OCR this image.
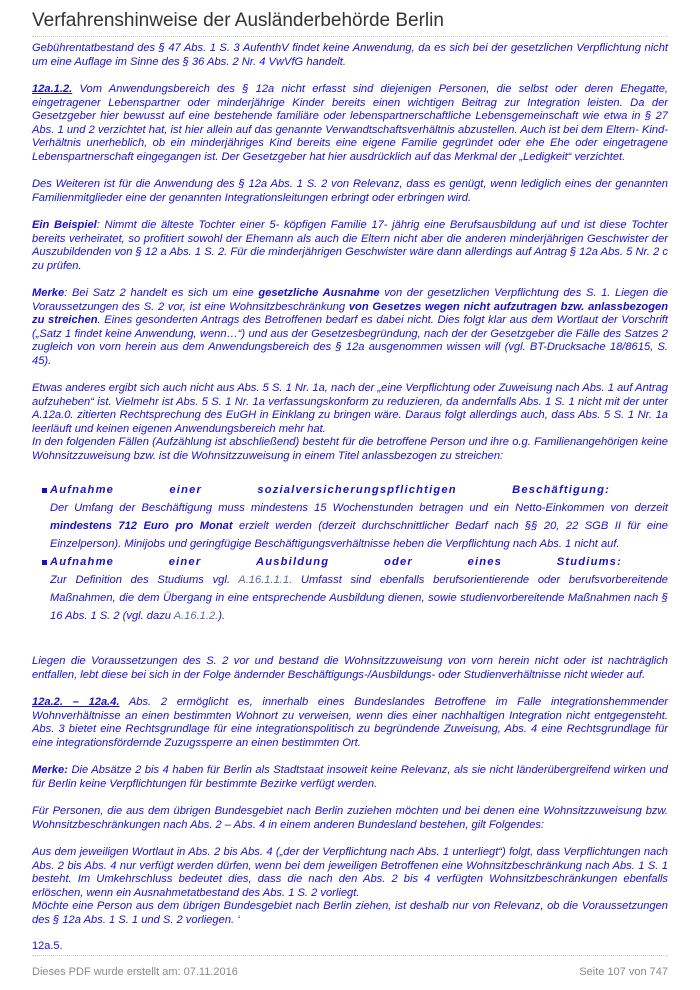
Verfahrenshinweise der Ausländerbehörde Berlin

Gebührentatbestand des § 47 Abs. 1 S. 3 AufenthV findet keine Anwendung, da es sich bei der gesetzlichen Verpflichtung nicht um eine Auflage im Sinne des § 36 Abs. 2 Nr. 4 VwVfG handelt.

12a.1.2. Vom Anwendungsbereich des § 12a nicht erfasst sind diejenigen Personen, die selbst oder deren Ehegatte, eingetragener Lebenspartner oder minderjährige Kinder bereits einen wichtigen Beitrag zur Integration leisten. Da der Gesetzgeber hier bewusst auf eine bestehende familiäre oder lebenspartnerschaftliche Lebensgemeinschaft wie etwa in § 27 Abs. 1 und 2 verzichtet hat, ist hier allein auf das genannte Verwandtschaftsverhältnis abzustellen. Auch ist bei dem Eltern- Kind- Verhältnis unerheblich, ob ein minderjähriges Kind bereits eine eigene Familie gegründet oder ehe Ehe oder eingetragene Lebenspartnerschaft eingegangen ist. Der Gesetzgeber hat hier ausdrücklich auf das Merkmal der „Ledigkeit“ verzichtet.

Des Weiteren ist für die Anwendung des § 12a Abs. 1 S. 2 von Relevanz, dass es genügt, wenn lediglich eines der genannten Familienmitglieder eine der genannten Integrationsleitungen erbringt oder erbringen wird.

Ein Beispiel: Nimmt die älteste Tochter einer 5- köpfigen Familie 17- jährig eine Berufsausbildung auf und ist diese Tochter bereits verheiratet, so profitiert sowohl der Ehemann als auch die Eltern nicht aber die anderen minderjährigen Geschwister der Auszubildenden von § 12 a Abs. 1 S. 2. Für die minderjährigen Geschwister wäre dann allerdings auf Antrag § 12a Abs. 5 Nr. 2 c zu prüfen.

Merke: Bei Satz 2 handelt es sich um eine gesetzliche Ausnahme von der gesetzlichen Verpflichtung des S. 1. Liegen die Voraussetzungen des S. 2 vor, ist eine Wohnsitzbeschränkung von Gesetzes wegen nicht aufzutragen bzw. anlassbezogen zu streichen. Eines gesonderten Antrags des Betroffenen bedarf es dabei nicht. Dies folgt klar aus dem Wortlaut der Vorschrift („Satz 1 findet keine Anwendung, wenn…“) und aus der Gesetzesbegründung, nach der der Gesetzgeber die Fälle des Satzes 2 zugleich von vorn herein aus dem Anwendungsbereich des § 12a ausgenommen wissen will (vgl. BT-Drucksache 18/8615, S. 45).

Etwas anderes ergibt sich auch nicht aus Abs. 5 S. 1 Nr. 1a, nach der „eine Verpflichtung oder Zuweisung nach Abs. 1 auf Antrag aufzuheben“ ist. Vielmehr ist Abs. 5 S. 1 Nr. 1a verfassungskonform zu reduzieren, da andernfalls Abs. 1 S. 1 nicht mit der unter A.12a.0. zitierten Rechtsprechung des EuGH in Einklang zu bringen wäre. Daraus folgt allerdings auch, dass Abs. 5 S. 1 Nr. 1a leerläuft und keinen eigenen Anwendungsbereich mehr hat.

In den folgenden Fällen (Aufzählung ist abschließend) besteht für die betroffene Person und ihre o.g. Familienangehörigen keine Wohnsitzzuweisung bzw. ist die Wohnsitzzuweisung in einem Titel anlassbezogen zu streichen:

Aufnahme	einer	sozialversicherungspflichtigen	Beschäftigung:
Der Umfang der Beschäftigung muss mindestens 15 Wochenstunden betragen und ein Netto-Einkommen von derzeit mindestens 712 Euro pro Monat erzielt werden (derzeit durchschnittlicher Bedarf nach §§ 20, 22 SGB II für eine Einzelperson). Minijobs und geringfügige Beschäftigungsverhältnisse heben die Verpflichtung nach Abs. 1 nicht auf.
Aufnahme	einer	Ausbildung	oder	eines	Studiums:
Zur Definition des Studiums vgl. A.16.1.1.1. Umfasst sind ebenfalls berufsorientierende oder berufsvorbereitende Maßnahmen, die dem Übergang in eine entsprechende Ausbildung dienen, sowie studienvorbereitende Maßnahmen nach § 16 Abs. 1 S. 2 (vgl. dazu A.16.1.2.).

Liegen die Voraussetzungen des S. 2 vor und bestand die Wohnsitzzuweisung von vorn herein nicht oder ist nachträglich entfallen, lebt diese bei sich in der Folge ändernder Beschäftigungs-/Ausbildungs- oder Studienverhältnisse nicht wieder auf.

12a.2. – 12a.4. Abs. 2 ermöglicht es, innerhalb eines Bundeslandes Betroffene im Falle integrationshemmender Wohnverhältnisse an einen bestimmten Wohnort zu verweisen, wenn dies einer nachhaltigen Integration nicht entgegensteht. Abs. 3 bietet eine Rechtsgrundlage für eine integrationspolitisch zu begründende Zuweisung, Abs. 4 eine Rechtsgrundlage für eine integrationsfördernde Zuzugssperre an einen bestimmten Ort.

Merke: Die Absätze 2 bis 4 haben für Berlin als Stadtstaat insoweit keine Relevanz, als sie nicht länderübergreifend wirken und für Berlin keine Verpflichtungen für bestimmte Bezirke verfügt werden.

Für Personen, die aus dem übrigen Bundesgebiet nach Berlin zuziehen möchten und bei denen eine Wohnsitzzuweisung bzw. Wohnsitzbeschränkungen nach Abs. 2 – Abs. 4 in einem anderen Bundesland bestehen, gilt Folgendes:

Aus dem jeweiligen Wortlaut in Abs. 2 bis Abs. 4 („der der Verpflichtung nach Abs. 1 unterliegt“) folgt, dass Verpflichtungen nach Abs. 2 bis Abs. 4 nur verfügt werden dürfen, wenn bei dem jeweiligen Betroffenen eine Wohnsitzbeschränkung nach Abs. 1 S. 1 besteht. Im Umkehrschluss bedeutet dies, dass die nach den Abs. 2 bis 4 verfügten Wohnsitzbeschränkungen ebenfalls erlöschen, wenn ein Ausnahmetatbestand des Abs. 1 S. 2 vorliegt.

Möchte eine Person aus dem übrigen Bundesgebiet nach Berlin ziehen, ist deshalb nur von Relevanz, ob die Voraussetzungen des § 12a Abs. 1 S. 1 und S. 2 vorliegen. ‘

12a.5.
Dieses PDF wurde erstellt am: 07.11.2016	Seite 107 von 747
